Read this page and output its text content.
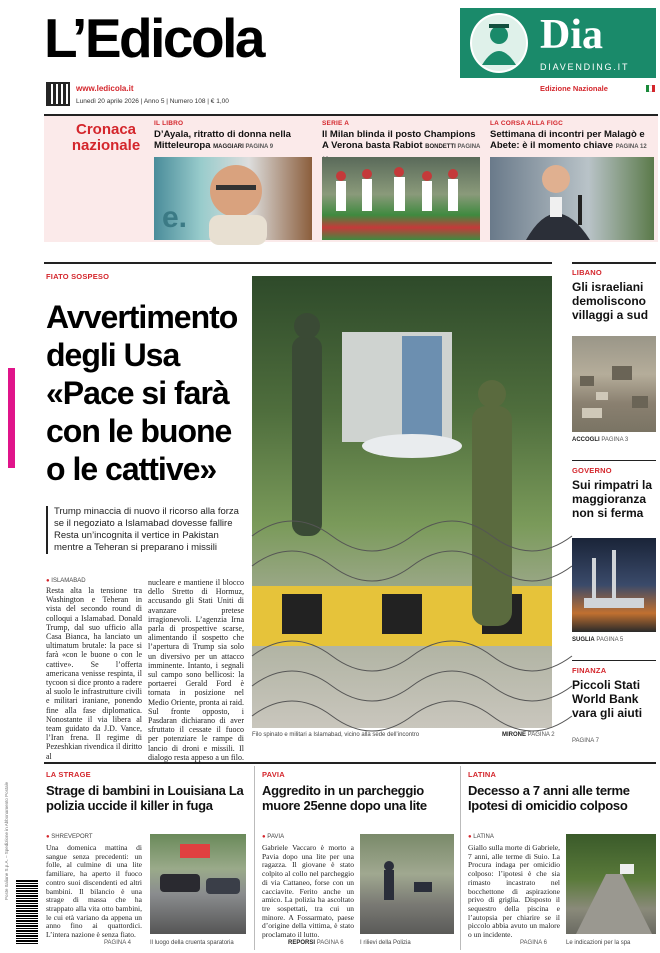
L’Edicola	Dia
DIAVENDING.IT
www.ledicola.it
Lunedì 20 aprile 2026 | Anno 5 | Numero 108 | € 1,00
Edizione Nazionale
Cronaca nazionale
IL LIBRO
D’Ayala, ritratto di donna nella Mitteleuropa MAGGIARI PAGINA 9
e.
SERIE A
Il Milan blinda il posto Champions A Verona basta Rabiot BONDETTI PAGINA
LA CORSA ALLA FIGC
Settimana di incontri per Malagò e Abete: è il momento chiave PAGINA 12
FIATO SOSPESO
Avvertimento degli Usa «Pace si farà con le buone o le cattive»
Trump minaccia di nuovo il ricorso alla forza se il negoziato a Islamabad dovesse fallire Resta un’incognita il vertice in Pakistan mentre a Teheran si preparano i missili
● ISLAMABAD
Resta alta la tensione tra Washington e Teheran in vista del secondo round di colloqui a Islamabad. Donald Trump, dal suo ufficio alla Casa Bianca, ha lanciato un ultimatum brutale: la pace si farà «con le buone o con le cattive». Se l’offerta americana venisse respinta, il tycoon si dice pronto a radere al suolo le infrastrutture civili e militari iraniane, ponendo fine alla fase diplomatica. Nonostante il via libera al team guidato da J.D. Vance, l’Iran frena. Il regime di Pezeshkian rivendica il diritto al
nucleare e mantiene il blocco dello Stretto di Hormuz, accusando gli Stati Uniti di avanzare pretese irragionevoli. L’agenzia Irna parla di prospettive scarse, alimentando il sospetto che l’apertura di Trump sia solo un diversivo per un attacco imminente. Intanto, i segnali sul campo sono bellicosi: la portaerei Gerald Ford è tornata in posizione nel Medio Oriente, pronta ai raid. Sul fronte opposto, i Pasdaran dichiarano di aver sfruttato il cessate il fuoco per potenziare le rampe di lancio di droni e missili. Il dialogo resta appeso a un filo.
Filo spinato e militari a Islamabad, vicino alla sede dell’incontro	MIRONE PAGINA 2
LIBANO
Gli israeliani demoliscono villaggi a sud
ACCOGLI PAGINA 3
GOVERNO
Sui rimpatri la maggioranza non si ferma
SUGLIA PAGINA 5
FINANZA
Piccoli Stati World Bank vara gli aiuti
PAGINA 7
LA STRAGE
Strage di bambini in Louisiana La polizia uccide il killer in fuga
● SHREVEPORT
Una domenica mattina di sangue senza precedenti: un folle, al culmine di una lite familiare, ha aperto il fuoco contro suoi discendenti ed altri bambini. Il bilancio è una strage di massa che ha strappato alla vita otto bambini, le cui età variano da appena un anno fino ai quattordici. L’intera nazione è senza fiato.
PAGINA 4	Il luogo della cruenta sparatoria
PAVIA
Aggredito in un parcheggio muore 25enne dopo una lite
● PAVIA
Gabriele Vaccaro è morto a Pavia dopo una lite per una ragazza. Il giovane è stato colpito al collo nel parcheggio di via Cattaneo, forse con un cacciavite. Ferito anche un amico. La polizia ha ascoltato tre sospettati, tra cui un minore. A Fossarmato, paese d’origine della vittima, è stato proclamato il lutto.
REPORSI PAGINA 6	I rilievi della Polizia
LATINA
Decesso a 7 anni alle terme Ipotesi di omicidio colposo
● LATINA
Giallo sulla morte di Gabriele, 7 anni, alle terme di Suio. La Procura indaga per omicidio colposo: l’ipotesi è che sia rimasto incastrato nel bocchettone di aspirazione privo di griglia. Disposto il sequestro della piscina e l’autopsia per chiarire se il piccolo abbia avuto un malore o un incidente.
PAGINA 6	Le indicazioni per la spa
Poste Italiane S.p.A. – Spedizione in Abbonamento Postale
